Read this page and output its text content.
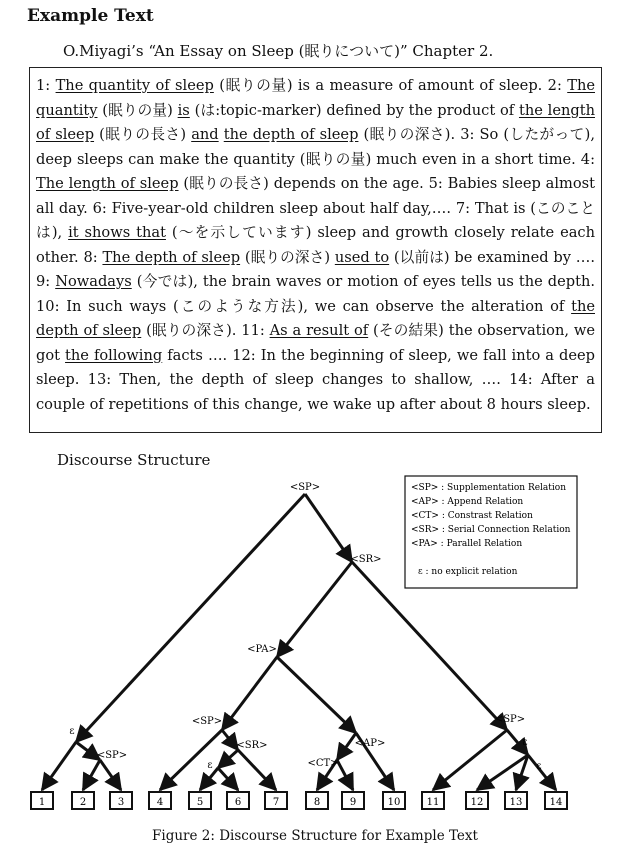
Example Text
O.Miyagi’s “An Essay on Sleep (眠りについて)” Chapter 2.
1: The quantity of sleep (眠りの量) is a measure of amount of sleep. 2: The quantity (眠りの量) is (は:topic-marker) defined by the product of the length of sleep (眠りの長さ) and the depth of sleep (眠りの深さ). 3: So (したがって), deep sleeps can make the quantity (眠りの量) much even in a short time. 4: The length of sleep (眠りの長さ) depends on the age. 5: Babies sleep almost all day. 6: Five-year-old children sleep about half day,…. 7: That is (このことは), it shows that (〜を示しています) sleep and growth closely relate each other. 8: The depth of sleep (眠りの深さ) used to (以前は) be examined by …. 9: Nowadays (今では), the brain waves or motion of eyes tells us the depth. 10: In such ways (このような方法), we can observe the alteration of the depth of sleep (眠りの深さ). 11: As a result of (その結果) the observation, we got the following facts …. 12: In the beginning of sleep, we fall into a deep sleep. 13: Then, the depth of sleep changes to shallow, …. 14: After a couple of repetitions of this change, we wake up after about 8 hours sleep.
Discourse Structure
1	2	3	4	5	6	7	8	9	10	11	12	13	14
<SP>
<SR>
<PA>
<SP>	<SP>
<SP>
<SR>
<CT>
<AP>
ε
ε	ε
ε
<SP> : Supplementation Relation
<AP> : Append Relation
<CT> : Constrast Relation
<SR> : Serial Connection Relation
<PA> : Parallel Relation
ε : no explicit relation
Figure 2: Discourse Structure for Example Text
